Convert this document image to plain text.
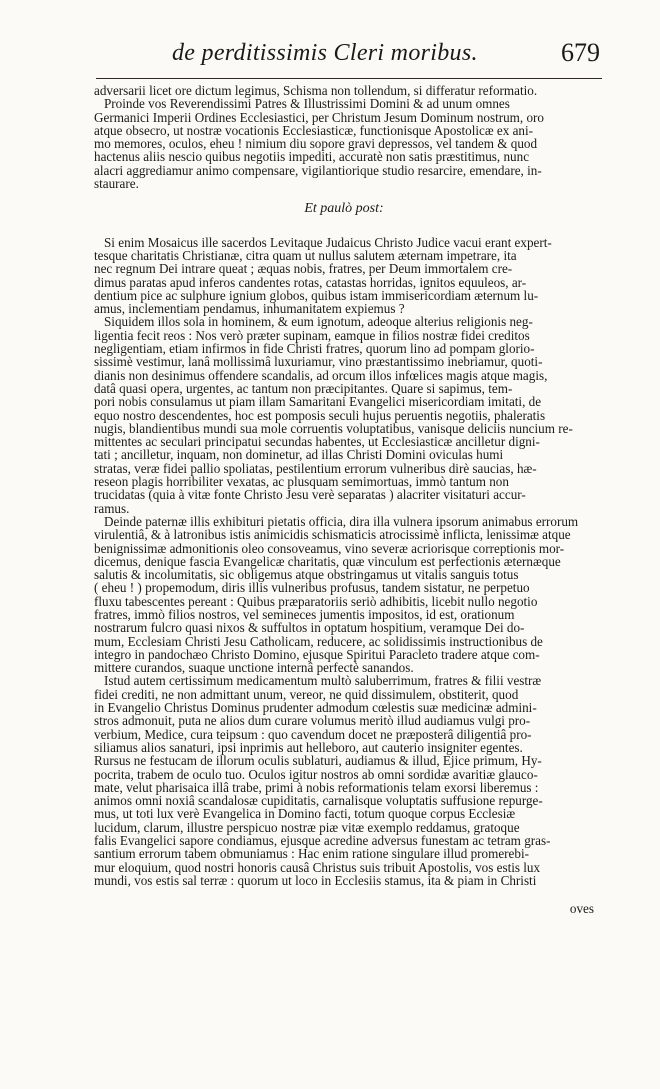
de perditissimis Cleri moribus.	679

adversarii licet ore dictum legimus, Schisma non tollendum, si differatur reformatio.
Proinde vos Reverendissimi Patres & Illustrissimi Domini & ad unum omnes
Germanici Imperii Ordines Ecclesiastici, per Christum Jesum Dominum nostrum, oro
atque obsecro, ut nostræ vocationis Ecclesiasticæ, functionisque Apostolicæ ex ani-
mo memores, oculos, eheu ! nimium diu sopore gravi depressos, vel tandem & quod
hactenus aliis nescio quibus negotiis impediti, accuratè non satis præstitimus, nunc
alacri aggrediamur animo compensare, vigilantiorique studio resarcire, emendare, in-
staurare.

Et paulò post:

Si enim Mosaicus ille sacerdos Levitaque Judaicus Christo Judice vacui erant expert-
tesque charitatis Christianæ, citra quam ut nullus salutem æternam impetrare, ita
nec regnum Dei intrare queat ; æquas nobis, fratres, per Deum immortalem cre-
dimus paratas apud inferos candentes rotas, catastas horridas, ignitos equuleos, ar-
dentium pice ac sulphure ignium globos, quibus istam immisericordiam æternum lu-
amus, inclementiam pendamus, inhumanitatem expiemus ?

Siquidem illos sola in hominem, & eum ignotum, adeoque alterius religionis neg-
ligentia fecit reos : Nos verò præter supinam, eamque in filios nostræ fidei creditos
negligentiam, etiam infirmos in fide Christi fratres, quorum lino ad pompam glorio-
sissimè vestimur, lanâ mollissimâ luxuriamur, vino præstantissimo inebriamur, quoti-
dianis non desinimus offendere scandalis, ad orcum illos infœlices magis atque magis,
datâ quasi opera, urgentes, ac tantum non præcipitantes. Quare si sapimus, tem-
pori nobis consulamus ut piam illam Samaritani Evangelici misericordiam imitati, de
equo nostro descendentes, hoc est pomposis seculi hujus peruentis negotiis, phaleratis
nugis, blandientibus mundi sua mole corruentis voluptatibus, vanisque deliciis nuncium re-
mittentes ac seculari principatui secundas habentes, ut Ecclesiasticæ ancilletur digni-
tati ; ancilletur, inquam, non dominetur, ad illas Christi Domini oviculas humi
stratas, veræ fidei pallio spoliatas, pestilentium errorum vulneribus dirè saucias, hæ-
reseon plagis horribiliter vexatas, ac plusquam semimortuas, immò tantum non
trucidatas (quia à vitæ fonte Christo Jesu verè separatas ) alacriter visitaturi accur-
ramus.

Deinde paternæ illis exhibituri pietatis officia, dira illa vulnera ipsorum animabus errorum
virulentiâ, & à latronibus istis animicidis schismaticis atrocissimè inflicta, lenissimæ atque
benignissimæ admonitionis oleo consoveamus, vino severæ acriorisque correptionis mor-
dicemus, denique fascia Evangelicæ charitatis, quæ vinculum est perfectionis æternæque
salutis & incolumitatis, sic obligemus atque obstringamus ut vitalis sanguis totus
( eheu ! ) propemodum, diris illis vulneribus profusus, tandem sistatur, ne perpetuo
fluxu tabescentes pereant : Quibus præparatoriis seriò adhibitis, licebit nullo negotio
fratres, immò filios nostros, vel semineces jumentis impositos, id est, orationum
nostrarum fulcro quasi nixos & suffultos in optatum hospitium, veramque Dei do-
mum, Ecclesiam Christi Jesu Catholicam, reducere, ac solidissimis instructionibus de
integro in pandochæo Christo Domino, ejusque Spiritui Paracleto tradere atque com-
mittere curandos, suaque unctione internâ perfectè sanandos.

Istud autem certissimum medicamentum multò saluberrimum, fratres & filii vestræ
fidei crediti, ne non admittant unum, vereor, ne quid dissimulem, obstiterit, quod
in Evangelio Christus Dominus prudenter admodum cœlestis suæ medicinæ admini-
stros admonuit, puta ne alios dum curare volumus meritò illud audiamus vulgi pro-
verbium, Medice, cura teipsum : quo cavendum docet ne præposterâ diligentiâ pro-
siliamus alios sanaturi, ipsi inprimis aut helleboro, aut cauterio insigniter egentes.
Rursus ne festucam de illorum oculis sublaturi, audiamus & illud, Ejice primum, Hy-
pocrita, trabem de oculo tuo. Oculos igitur nostros ab omni sordidæ avaritiæ glauco-
mate, velut pharisaica illâ trabe, primi à nobis reformationis telam exorsi liberemus :
animos omni noxiâ scandalosæ cupiditatis, carnalisque voluptatis suffusione repurge-
mus, ut toti lux verè Evangelica in Domino facti, totum quoque corpus Ecclesiæ
lucidum, clarum, illustre perspicuo nostræ piæ vitæ exemplo reddamus, gratoque
falis Evangelici sapore condiamus, ejusque acredine adversus funestam ac tetram gras-
santium errorum tabem obmuniamus : Hac enim ratione singulare illud promerebi-
mur eloquium, quod nostri honoris causâ Christus suis tribuit Apostolis, vos estis lux
mundi, vos estis sal terræ : quorum ut loco in Ecclesiis stamus, ita & piam in Christi

oves
